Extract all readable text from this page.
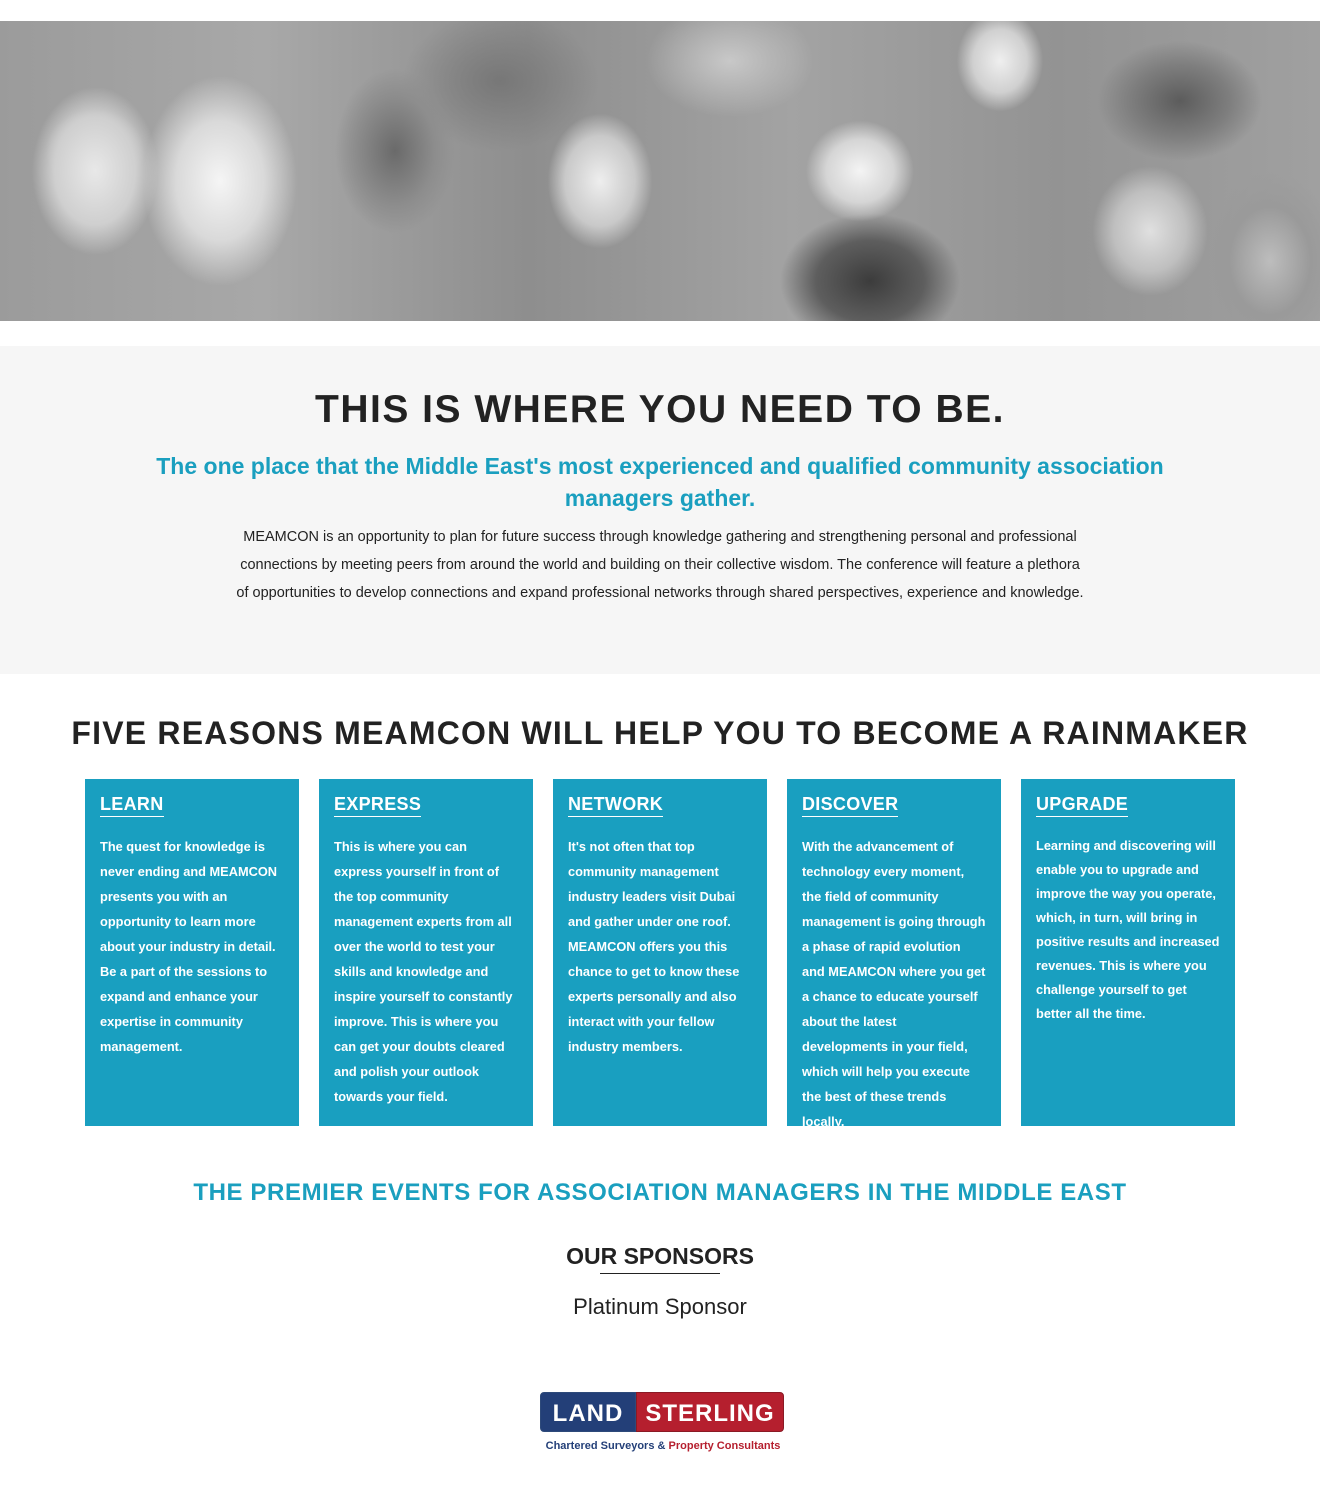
THIS IS WHERE YOU NEED TO BE.
The one place that the Middle East's most experienced and qualified community association managers gather.

MEAMCON is an opportunity to plan for future success through knowledge gathering and strengthening personal and professional connections by meeting peers from around the world and building on their collective wisdom. The conference will feature a plethora of opportunities to develop connections and expand professional networks through shared perspectives, experience and knowledge.

FIVE REASONS MEAMCON WILL HELP YOU TO BECOME A RAINMAKER
LEARN

The quest for knowledge is never ending and MEAMCON presents you with an opportunity to learn more about your industry in detail. Be a part of the sessions to expand and enhance your expertise in community management.

EXPRESS

This is where you can express yourself in front of the top community management experts from all over the world to test your skills and knowledge and inspire yourself to constantly improve. This is where you can get your doubts cleared and polish your outlook towards your field.

NETWORK

It's not often that top community management industry leaders visit Dubai and gather under one roof. MEAMCON offers you this chance to get to know these experts personally and also interact with your fellow industry members.

DISCOVER

With the advancement of technology every moment, the field of community management is going through a phase of rapid evolution and MEAMCON where you get a chance to educate yourself about the latest developments in your field, which will help you execute the best of these trends locally.

UPGRADE

Learning and discovering will enable you to upgrade and improve the way you operate, which, in turn, will bring in positive results and increased revenues. This is where you challenge yourself to get better all the time.

THE PREMIER EVENTS FOR ASSOCIATION MANAGERS IN THE MIDDLE EAST
OUR SPONSORS
Platinum Sponsor
LAND STERLING
Chartered Surveyors & Property Consultants
